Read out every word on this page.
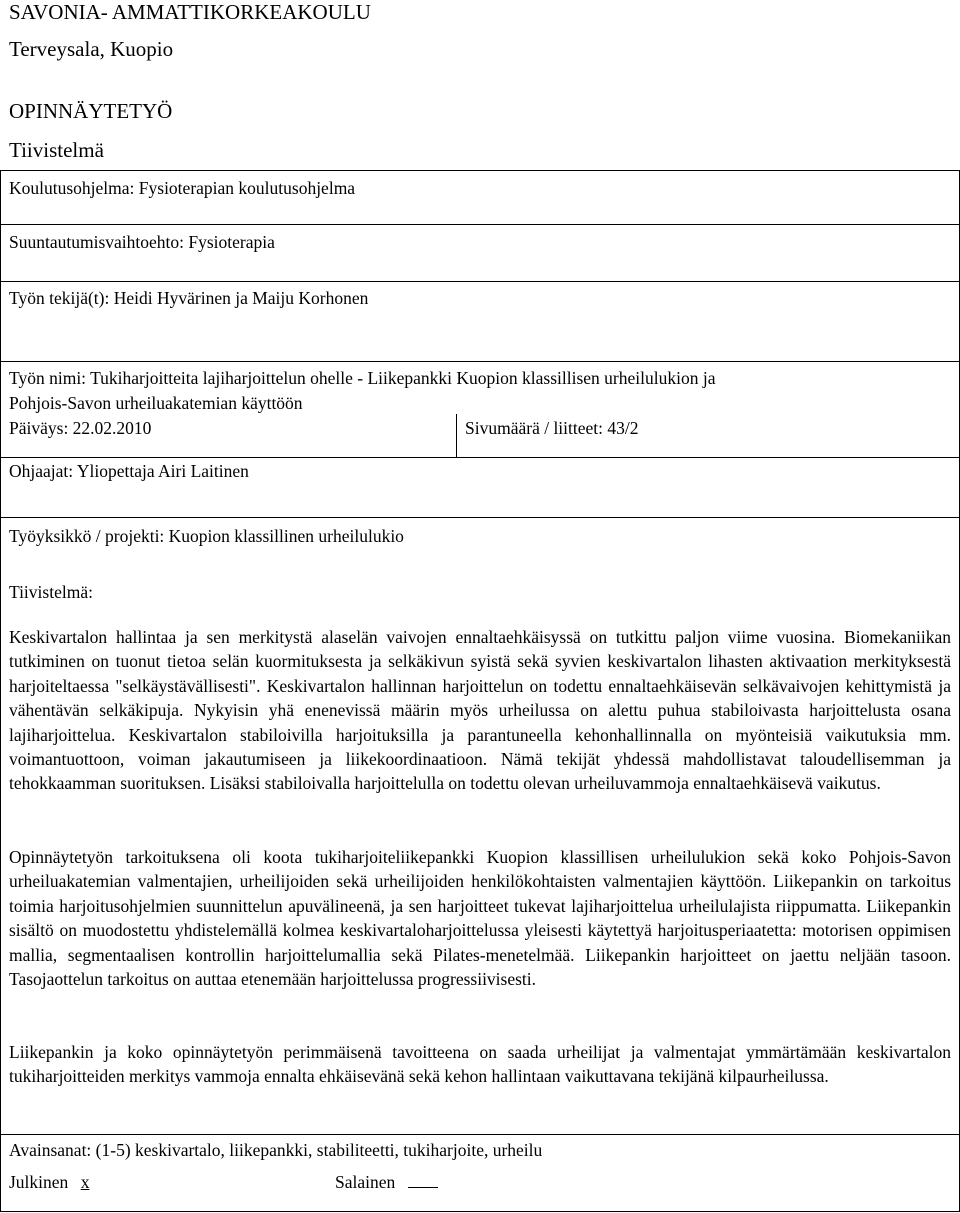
SAVONIA- AMMATTIKORKEAKOULU
Terveysala, Kuopio
OPINNÄYTETYÖ
Tiivistelmä
Koulutusohjelma: Fysioterapian koulutusohjelma
Suuntautumisvaihtoehto: Fysioterapia
Työn tekijä(t): Heidi Hyvärinen ja Maiju Korhonen
Työn nimi: Tukiharjoitteita lajiharjoittelun ohelle - Liikepankki Kuopion klassillisen urheilulukion ja
Pohjois-Savon urheiluakatemian käyttöön
Päiväys: 22.02.2010	Sivumäärä / liitteet: 43/2
Ohjaajat: Yliopettaja Airi Laitinen
Työyksikkö / projekti: Kuopion klassillinen urheilulukio
Tiivistelmä:

Keskivartalon hallintaa ja sen merkitystä alaselän vaivojen ennaltaehkäisyssä on tutkittu paljon viime vuosina. Biomekaniikan tutkiminen on tuonut tietoa selän kuormituksesta ja selkäkivun syistä sekä syvien keskivartalon lihasten aktivaation merkityksestä harjoiteltaessa "selkäystävällisesti". Keskivartalon hallinnan harjoittelun on todettu ennaltaehkäisevän selkävaivojen kehittymistä ja vähentävän selkäkipuja. Nykyisin yhä enenevissä määrin myös urheilussa on alettu puhua stabiloivasta harjoittelusta osana lajiharjoittelua. Keskivartalon stabiloivilla harjoituksilla ja parantuneella kehonhallinnalla on myönteisiä vaikutuksia mm. voimantuottoon, voiman jakautumiseen ja liikekoordinaatioon. Nämä tekijät yhdessä mahdollistavat taloudellisemman ja tehokkaamman suorituksen. Lisäksi stabiloivalla harjoittelulla on todettu olevan urheiluvammoja ennaltaehkäisevä vaikutus.

Opinnäytetyön tarkoituksena oli koota tukiharjoiteliikepankki Kuopion klassillisen urheilulukion sekä koko Pohjois-Savon urheiluakatemian valmentajien, urheilijoiden sekä urheilijoiden henkilökohtaisten valmentajien käyttöön. Liikepankin on tarkoitus toimia harjoitusohjelmien suunnittelun apuvälineenä, ja sen harjoitteet tukevat lajiharjoittelua urheilulajista riippumatta. Liikepankin sisältö on muodostettu yhdistelemällä kolmea keskivartaloharjoittelussa yleisesti käytettyä harjoitusperiaatetta: motorisen oppimisen mallia, segmentaalisen kontrollin harjoittelumallia sekä Pilates-menetelmää. Liikepankin harjoitteet on jaettu neljään tasoon. Tasojaottelun tarkoitus on auttaa etenemään harjoittelussa progressiivisesti.

Liikepankin ja koko opinnäytetyön perimmäisenä tavoitteena on saada urheilijat ja valmentajat ymmärtämään keskivartalon tukiharjoitteiden merkitys vammoja ennalta ehkäisevänä sekä kehon hallintaan vaikuttavana tekijänä kilpaurheilussa.

Avainsanat: (1-5) keskivartalo, liikepankki, stabiliteetti, tukiharjoite, urheilu
Julkinen x	Salainen
